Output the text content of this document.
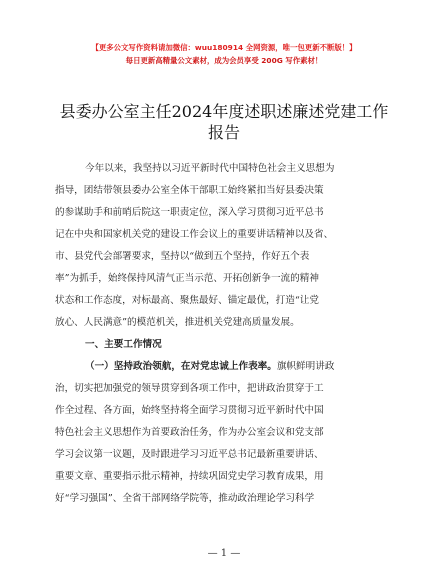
【更多公文写作资料请加微信：wuu180914 全网资源，唯一包更新不断版！】
每日更新高精量公文素材，成为会员享受 200G 写作素材！
县委办公室主任2024年度述职述廉述党建工作
报告
今年以来，我坚持以习近平新时代中国特色社会主义思想为
指导，团结带领县委办公室全体干部职工始终紧扣当好县委决策
的参谋助手和前哨后院这一职责定位，深入学习贯彻习近平总书
记在中央和国家机关党的建设工作会议上的重要讲话精神以及省、
市、县党代会部署要求，坚持以“做到五个坚持，作好五个表
率”为抓手，始终保持风清气正当示范、开拓创新争一流的精神
状态和工作态度，对标最高、聚焦最好、锚定最优，打造“让党
放心、人民满意”的模范机关，推进机关党建高质量发展。
一、主要工作情况
（一）坚持政治领航，在对党忠诚上作表率。旗帜鲜明讲政
治，切实把加强党的领导贯穿到各项工作中，把讲政治贯穿于工
作全过程、各方面，始终坚持将全面学习贯彻习近平新时代中国
特色社会主义思想作为首要政治任务，作为办公室会议和党支部
学习会议第一议题，及时跟进学习习近平总书记最新重要讲话、
重要文章、重要指示批示精神，持续巩固党史学习教育成果，用
好“学习强国”、全省干部网络学院等，推动政治理论学习科学
— 1 —
